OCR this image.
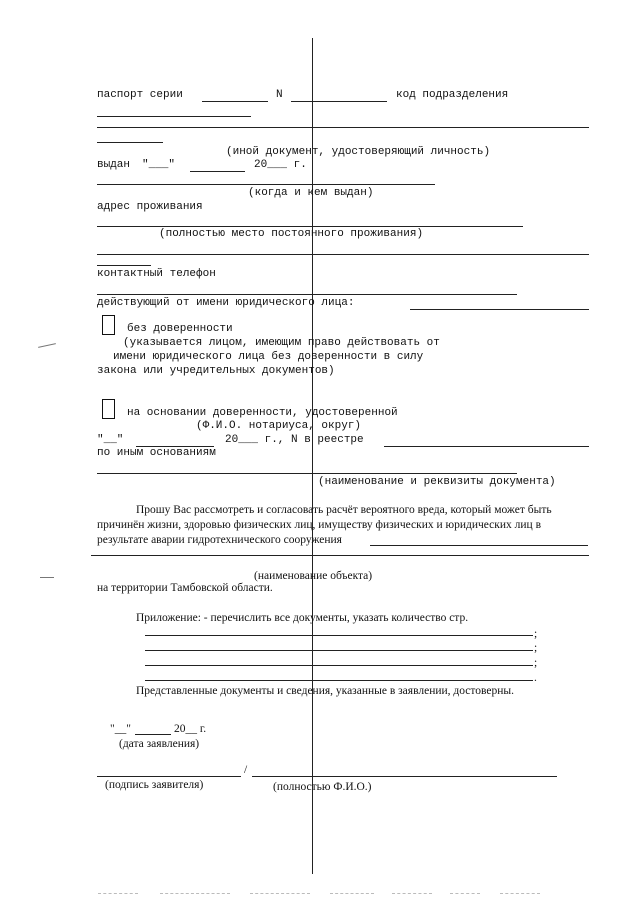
паспорт серии	N	код подразделения
(иной документ, удостоверяющий личность)
выдан "___"	20___ г.
(когда и кем выдан)
адрес проживания
(полностью место постоянного проживания)
контактный телефон
действующий от имени юридического лица:
без доверенности
(указывается лицом, имеющим право действовать от
имени юридического лица без доверенности в силу
закона или учредительных документов)
на основании доверенности, удостоверенной
(Ф.И.О. нотариуса, округ)
"__"	20___ г., N в реестре
по иным основаниям
(наименование и реквизиты документа)
Прошу Вас рассмотреть и согласовать расчёт вероятного вреда, который может быть
причинён жизни, здоровью физических лиц, имуществу физических и юридических лиц в
результате аварии гидротехнического сооружения
(наименование объекта)
на территории Тамбовской области.
Приложение: - перечислить все документы, указать количество стр.
;
;
;
.
Представленные документы и сведения, указанные в заявлении, достоверны.
"__"	20__ г.
(дата заявления)
/
(подпись заявителя)	(полностью Ф.И.О.)
